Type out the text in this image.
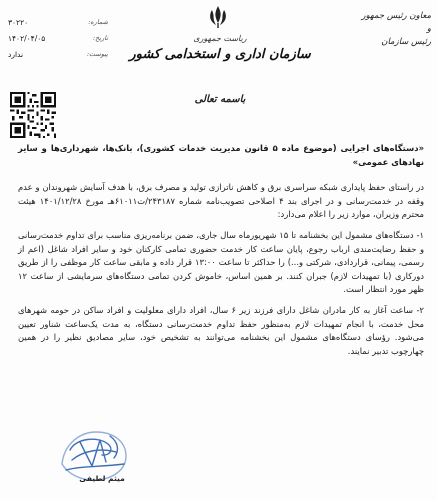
معاون رئیس جمهور
و
رئیس سازمان
ریاست جمهوری
سازمان اداری و استخدامی کشور
باسمه تعالی
شماره:
۳۰۲۲۰
تاریخ:
۱۴۰۲/۰۴/۰۵
پیوست:
ندارد

«دستگاه‌های اجرایی (موضوع ماده ۵ قانون مدیریت خدمات کشوری)، بانک‌ها، شهرداری‌ها و سایر نهادهای عمومی»

در راستای حفظ پایداری شبکه سراسری برق و کاهش ناترازی تولید و مصرف برق، با هدف آسایش شهروندان و عدم وقفه در خدمت‌رسانی و در اجرای بند ۴ اصلاحی تصویب‌نامه شماره ۲۴۳۱۸۷/ت۶۱۰۱۱هـ مورخ ۱۴۰۱/۱۲/۲۸ هیئت محترم وزیران، موارد زیر را اعلام می‌دارد:

۱- دستگاه‌های مشمول این بخشنامه تا ۱۵ شهریورماه سال جاری، ضمن برنامه‌ریزی مناسب برای تداوم خدمت‌رسانی و حفظ رضایت‌مندی ارباب رجوع، پایان ساعت کار خدمت حضوری تمامی کارکنان خود و سایر افراد شاغل (اعم از رسمی، پیمانی، قراردادی، شرکتی و...) را حداکثر تا ساعت ۱۳:۰۰ قرار داده و مابقی ساعت کار موظفی را از طریق دورکاری (با تمهیدات لازم) جبران کنند. بر همین اساس، خاموش کردن تمامی دستگاه‌های سرمایشی از ساعت ۱۲ ظهر مورد انتظار است.

۲- ساعت آغاز به کار مادران شاغل دارای فرزند زیر ۶ سال، افراد دارای معلولیت و افراد ساکن در حومه شهرهای محل خدمت، با انجام تمهیدات لازم به‌منظور حفظ تداوم خدمت‌رسانی دستگاه، به مدت یک‌ساعت شناور تعیین می‌شود. رؤسای دستگاه‌های مشمول این بخشنامه می‌توانند به تشخیص خود، سایر مصادیق نظیر را در همین چهارچوب تدبیر نمایند.

میثم لطیفی
